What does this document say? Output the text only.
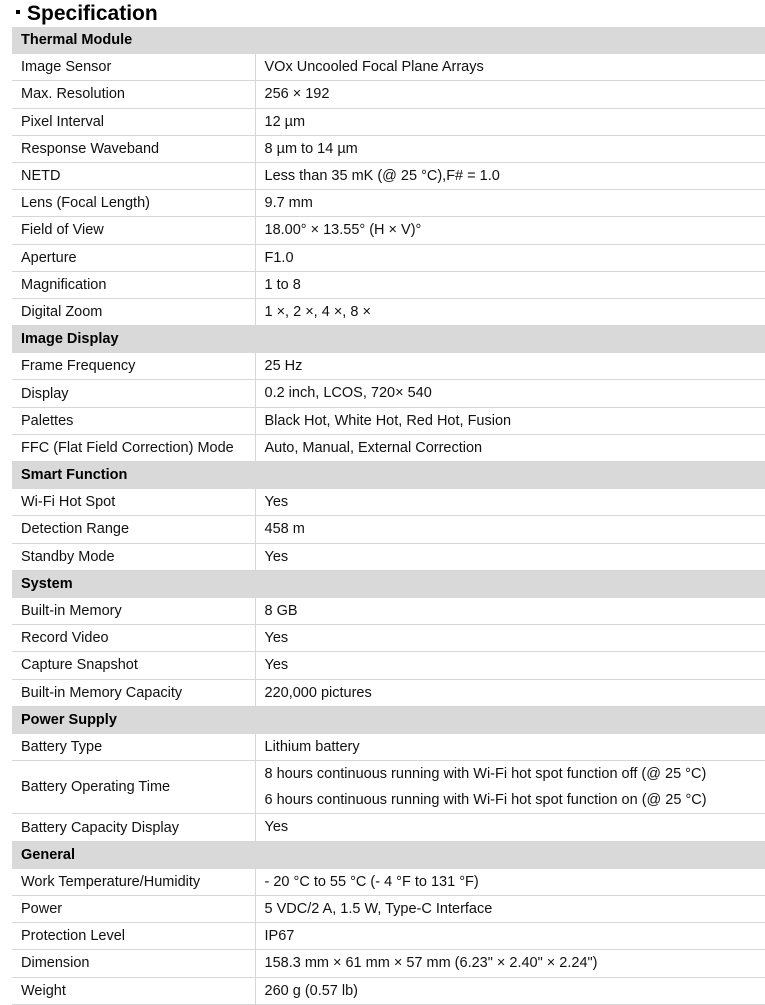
Specification
Thermal Module	
Image Sensor	VOx Uncooled Focal Plane Arrays

Max. Resolution	256 × 192

Pixel Interval	12 µm

Response Waveband	8 µm to 14 µm

NETD	Less than 35 mK (@ 25 °C),F# = 1.0

Lens (Focal Length)	9.7 mm

Field of View	18.00° × 13.55° (H × V)°

Aperture	F1.0

Magnification	1 to 8

Digital Zoom	1 ×, 2 ×, 4 ×, 8 ×

Image Display	
Frame Frequency	25 Hz

Display	0.2 inch, LCOS, 720× 540

Palettes	Black Hot, White Hot, Red Hot, Fusion

FFC (Flat Field Correction) Mode	Auto, Manual, External Correction

Smart Function	
Wi-Fi Hot Spot	Yes

Detection Range	458 m

Standby Mode	Yes

System	
Built-in Memory	8 GB

Record Video	Yes

Capture Snapshot	Yes

Built-in Memory Capacity	220,000 pictures

Power Supply	
Battery Type	Lithium battery

Battery Operating Time	8 hours continuous running with Wi-Fi hot spot function off (@ 25 °C)
6 hours continuous running with Wi-Fi hot spot function on (@ 25 °C)

Battery Capacity Display	Yes

General	
Work Temperature/Humidity	- 20 °C to 55 °C (- 4 °F to 131 °F)

Power	5 VDC/2 A, 1.5 W, Type-C Interface

Protection Level	IP67

Dimension	158.3 mm × 61 mm × 57 mm (6.23" × 2.40" × 2.24")

Weight	260 g (0.57 lb)
